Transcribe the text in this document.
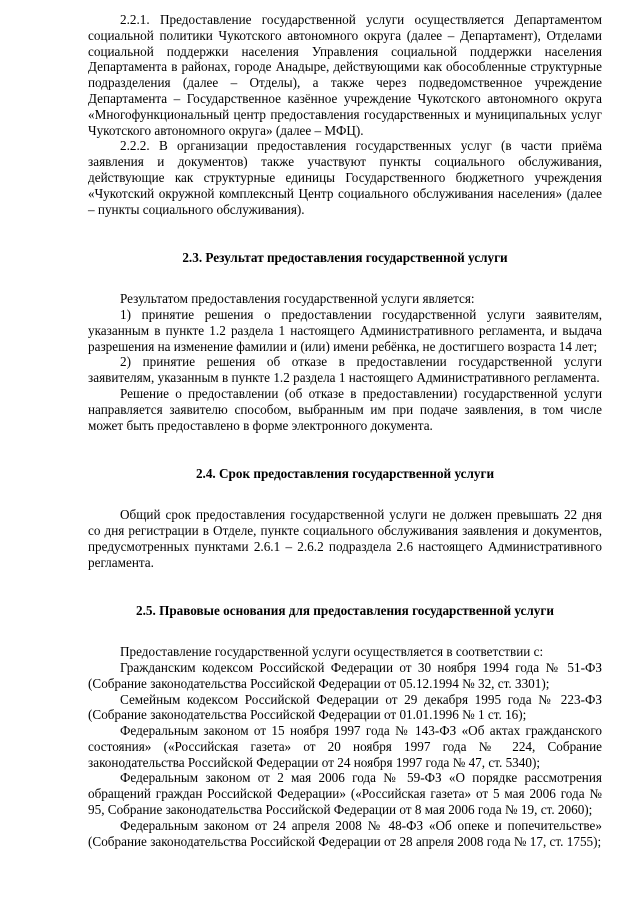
2.2.1. Предоставление государственной услуги осуществляется Департаментом социальной политики Чукотского автономного округа (далее – Департамент), Отделами социальной поддержки населения Управления социальной поддержки населения Департамента в районах, городе Анадыре, действующими как обособленные структурные подразделения (далее – Отделы), а также через подведомственное учреждение Департамента – Государственное казённое учреждение Чукотского автономного округа «Многофункциональный центр предоставления государственных и муниципальных услуг Чукотского автономного округа» (далее – МФЦ).

2.2.2. В организации предоставления государственных услуг (в части приёма заявления и документов) также участвуют пункты социального обслуживания, действующие как структурные единицы Государственного бюджетного учреждения «Чукотский окружной комплексный Центр социального обслуживания населения» (далее – пункты социального обслуживания).

2.3. Результат предоставления государственной услуги

Результатом предоставления государственной услуги является:

1) принятие решения о предоставлении государственной услуги заявителям, указанным в пункте 1.2 раздела 1 настоящего Административного регламента, и выдача разрешения на изменение фамилии и (или) имени ребёнка, не достигшего возраста 14 лет;

2) принятие решения об отказе в предоставлении государственной услуги заявителям, указанным в пункте 1.2 раздела 1 настоящего Административного регламента.

Решение о предоставлении (об отказе в предоставлении) государственной услуги направляется заявителю способом, выбранным им при подаче заявления, в том числе может быть предоставлено в форме электронного документа.

2.4. Срок предоставления государственной услуги

Общий срок предоставления государственной услуги не должен превышать 22 дня со дня регистрации в Отделе, пункте социального обслуживания заявления и документов, предусмотренных пунктами 2.6.1 – 2.6.2 подраздела 2.6 настоящего Административного регламента.

2.5. Правовые основания для предоставления государственной услуги

Предоставление государственной услуги осуществляется в соответствии с:

Гражданским кодексом Российской Федерации от 30 ноября 1994 года № 51-ФЗ (Собрание законодательства Российской Федерации от 05.12.1994 № 32, ст. 3301);

Семейным кодексом Российской Федерации от 29 декабря 1995 года № 223-ФЗ (Собрание законодательства Российской Федерации от 01.01.1996 № 1 ст. 16);

Федеральным законом от 15 ноября 1997 года № 143-ФЗ «Об актах гражданского состояния» («Российская газета» от 20 ноября 1997 года № 224, Собрание законодательства Российской Федерации от 24 ноября 1997 года № 47, ст. 5340);

Федеральным законом от 2 мая 2006 года № 59-ФЗ «О порядке рассмотрения обращений граждан Российской Федерации» («Российская газета» от 5 мая 2006 года № 95, Собрание законодательства Российской Федерации от 8 мая 2006 года № 19, ст. 2060);

Федеральным законом от 24 апреля 2008 № 48-ФЗ «Об опеке и попечительстве» (Собрание законодательства Российской Федерации от 28 апреля 2008 года № 17, ст. 1755);
